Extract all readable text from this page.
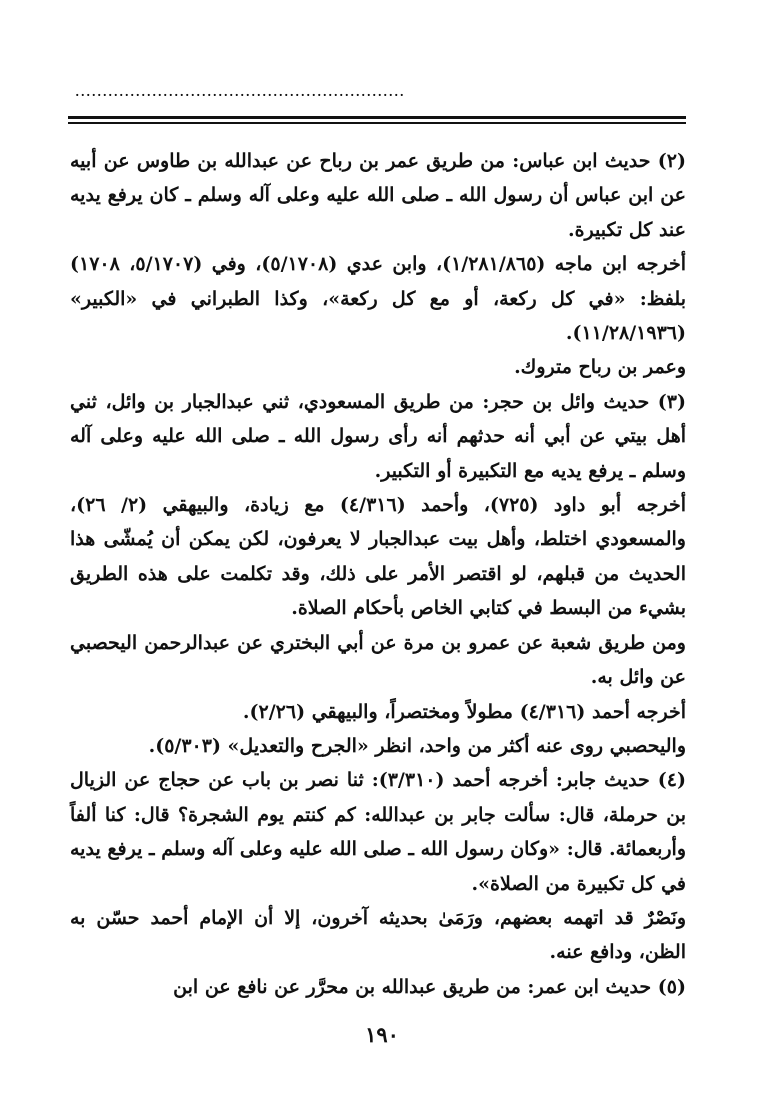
............................................................

(٢) حديث ابن عباس: من طريق عمر بن رباح عن عبدالله بن طاوس عن أبيه عن ابن عباس أن رسول الله ـ صلى الله عليه وعلى آله وسلم ـ كان يرفع يديه عند كل تكبيرة.

أخرجه ابن ماجه (١/٢٨١/٨٦٥)، وابن عدي (٥/١٧٠٨)، وفي (٥/١٧٠٧، ١٧٠٨) بلفظ: «في كل ركعة، أو مع كل ركعة»، وكذا الطبراني في «الكبير» (١١/٢٨/١٩٣٦).

وعمر بن رباح متروك.

(٣) حديث وائل بن حجر: من طريق المسعودي، ثني عبدالجبار بن وائل، ثني أهل بيتي عن أبي أنه حدثهم أنه رأى رسول الله ـ صلى الله عليه وعلى آله وسلم ـ يرفع يديه مع التكبيرة أو التكبير.

أخرجه أبو داود (٧٢٥)، وأحمد (٤/٣١٦) مع زيادة، والبيهقي (٢/ ٢٦)، والمسعودي اختلط، وأهل بيت عبدالجبار لا يعرفون، لكن يمكن أن يُمشّى هذا الحديث من قبلهم، لو اقتصر الأمر على ذلك، وقد تكلمت على هذه الطريق بشيء من البسط في كتابي الخاص بأحكام الصلاة.

ومن طريق شعبة عن عمرو بن مرة عن أبي البختري عن عبدالرحمن اليحصبي عن وائل به.

أخرجه أحمد (٤/٣١٦) مطولاً ومختصراً، والبيهقي (٢/٢٦).

واليحصبي روى عنه أكثر من واحد، انظر «الجرح والتعديل» (٥/٣٠٣).

(٤) حديث جابر: أخرجه أحمد (٣/٣١٠): ثنا نصر بن باب عن حجاج عن الزيال بن حرملة، قال: سألت جابر بن عبدالله: كم كنتم يوم الشجرة؟ قال: كنا ألفاً وأربعمائة. قال: «وكان رسول الله ـ صلى الله عليه وعلى آله وسلم ـ يرفع يديه في كل تكبيرة من الصلاة».

ونَصْرٌ قد اتهمه بعضهم، ورَمَىٰ بحديثه آخرون، إلا أن الإمام أحمد حسّن به الظن، ودافع عنه.

(٥) حديث ابن عمر: من طريق عبدالله بن محرَّر عن نافع عن ابن

١٩٠
